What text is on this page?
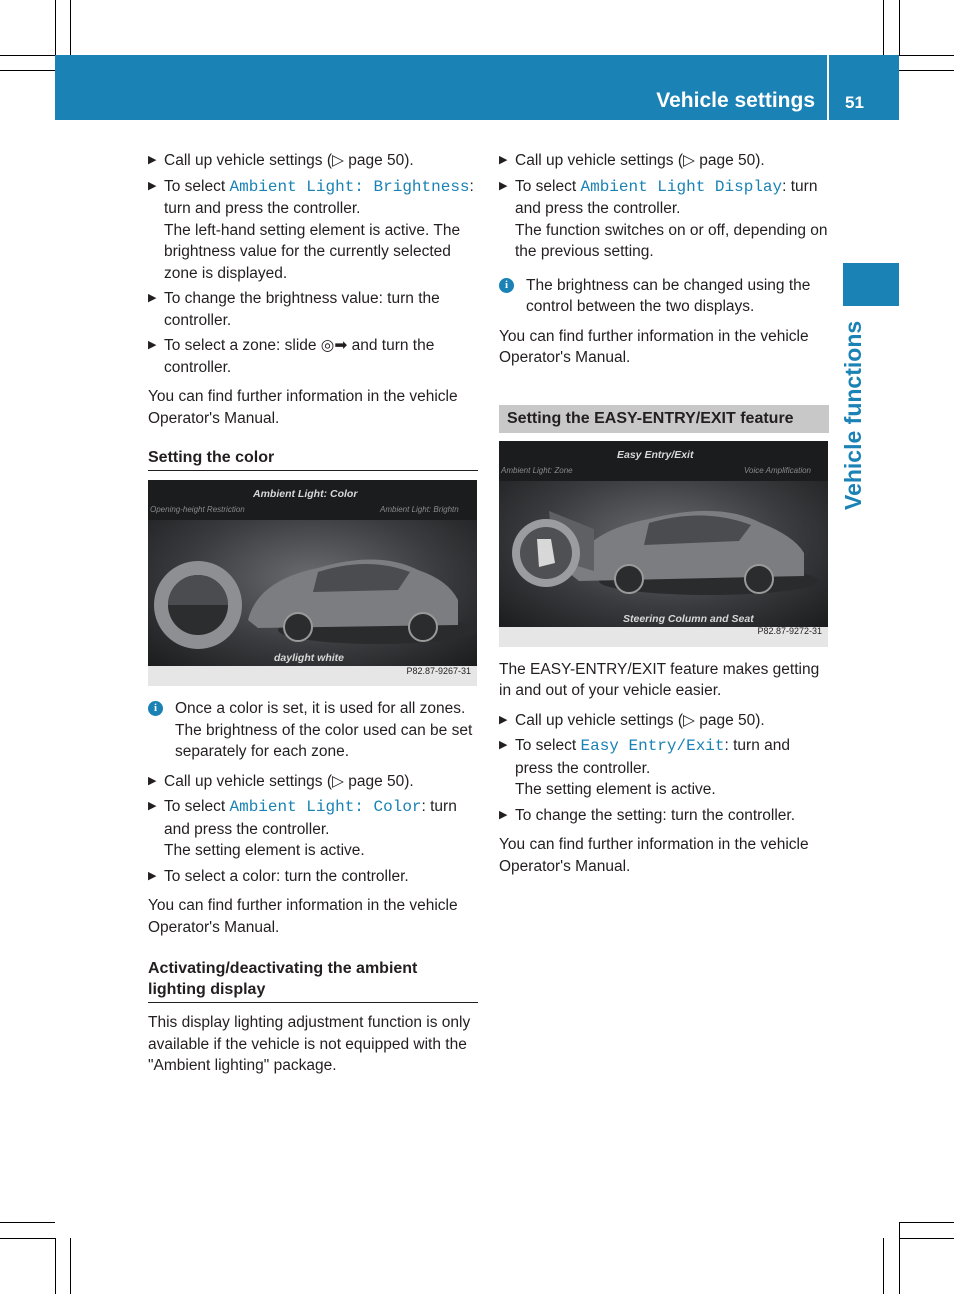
Vehicle settings 51
Vehicle functions
▶ Call up vehicle settings (▷ page 50).
▶ To select Ambient Light: Brightness: turn and press the controller.
The left-hand setting element is active. The brightness value for the currently selected zone is displayed.
▶ To change the brightness value: turn the controller.
▶ To select a zone: slide ◎➡ and turn the controller.

You can find further information in the vehicle Operator's Manual.

Setting the color
Ambient Light: Color
Opening-height Restriction	Ambient Light: Brightn
daylight white
P82.87-9267-31
i	Once a color is set, it is used for all zones. The brightness of the color used can be set separately for each zone.
▶ Call up vehicle settings (▷ page 50).
▶ To select Ambient Light: Color: turn and press the controller.
The setting element is active.
▶ To select a color: turn the controller.

You can find further information in the vehicle Operator's Manual.

Activating/deactivating the ambient lighting display

This display lighting adjustment function is only available if the vehicle is not equipped with the "Ambient lighting" package.

▶ Call up vehicle settings (▷ page 50).
▶ To select Ambient Light Display: turn and press the controller.
The function switches on or off, depending on the previous setting.
i	The brightness can be changed using the control between the two displays.

You can find further information in the vehicle Operator's Manual.

Setting the EASY-ENTRY/EXIT feature
Easy Entry/Exit
Ambient Light: Zone	Voice Amplification
Steering Column and Seat
P82.87-9272-31

The EASY-ENTRY/EXIT feature makes getting in and out of your vehicle easier.

▶ Call up vehicle settings (▷ page 50).
▶ To select Easy Entry/Exit: turn and press the controller.
The setting element is active.
▶ To change the setting: turn the controller.

You can find further information in the vehicle Operator's Manual.
